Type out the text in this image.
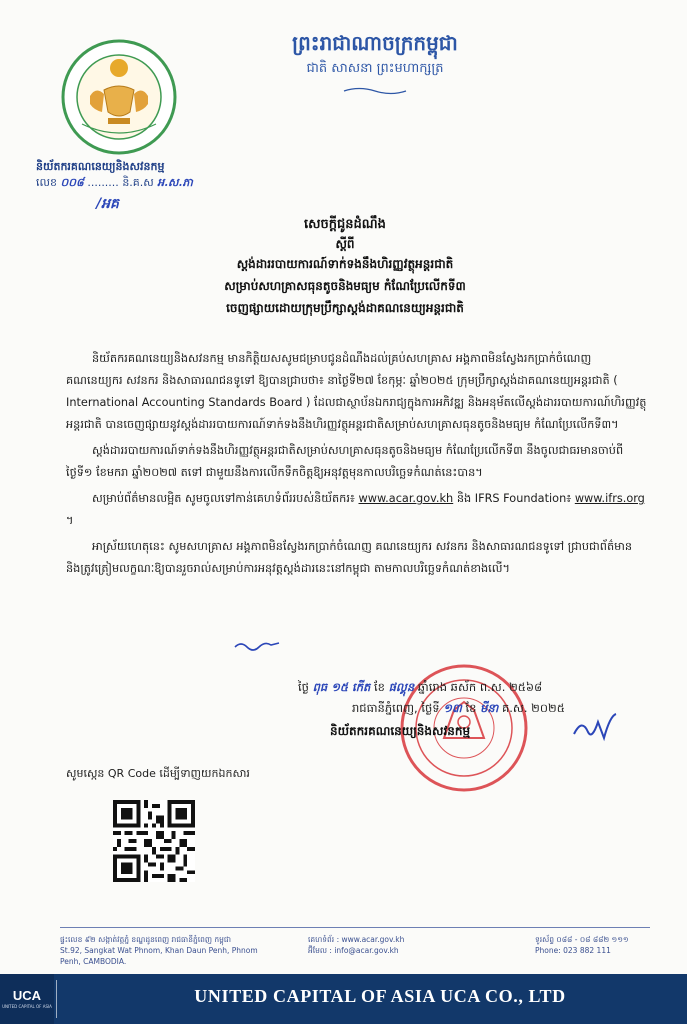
ព្រះរាជាណាចក្រកម្ពុជា
ជាតិ សាសនា ព្រះមហាក្សត្រ
និយ័តករគណនេយ្យនិងសវនកម្ម
លេខ ០០៨ ......... និ.គ.ស អ.ស.ភា
/អគ
សេចក្តីជូនដំណឹង
ស្តីពី
ស្តង់ដាររបាយការណ៍ទាក់ទងនឹងហិរញ្ញវត្ថុអន្តរជាតិ
សម្រាប់សហគ្រាសធុនតូចនិងមធ្យម កំណែប្រែលើកទី៣
ចេញផ្សាយដោយក្រុមប្រឹក្សាស្តង់ដាគណនេយ្យអន្តរជាតិ

និយ័តករគណនេយ្យនិងសវនកម្ម មានកិត្តិយសសូមជម្រាបជូនដំណឹងដល់គ្រប់សហគ្រាស អង្គភាពមិនស្វែងរកប្រាក់ចំណេញ គណនេយ្យករ សវនករ និងសាធារណជនទូទៅ ឱ្យបានជ្រាបថា៖ នាថ្ងៃទី២៧ ខែកុម្ភៈ ឆ្នាំ២០២៥ ក្រុមប្រឹក្សាស្តង់ដាគណនេយ្យអន្តរជាតិ ( International Accounting Standards Board ) ដែលជាស្ថាប័នឯករាជ្យក្នុងការអភិវឌ្ឍ និងអនុម័តលើស្តង់ដាររបាយការណ៍ហិរញ្ញវត្ថុអន្តរជាតិ បានចេញផ្សាយនូវស្តង់ដាររបាយការណ៍ទាក់ទងនឹងហិរញ្ញវត្ថុអន្តរជាតិសម្រាប់សហគ្រាសធុនតូចនិងមធ្យម កំណែប្រែលើកទី៣។

ស្តង់ដាររបាយការណ៍ទាក់ទងនឹងហិរញ្ញវត្ថុអន្តរជាតិសម្រាប់សហគ្រាសធុនតូចនិងមធ្យម កំណែប្រែលើកទី៣ នឹងចូលជាធរមានចាប់ពីថ្ងៃទី១ ខែមករា ឆ្នាំ២០២៧ តទៅ ជាមួយនឹងការលើកទឹកចិត្តឱ្យអនុវត្តមុនកាលបរិច្ឆេទកំណត់នេះបាន។

សម្រាប់ព័ត៌មានលម្អិត សូមចូលទៅកាន់គេហទំព័ររបស់និយ័តករ៖ www.acar.gov.kh និង IFRS Foundation៖ www.ifrs.org ។

អាស្រ័យហេតុនេះ សូមសហគ្រាស អង្គភាពមិនស្វែងរកប្រាក់ចំណេញ គណនេយ្យករ សវនករ និងសាធារណជនទូទៅ ជ្រាបជាព័ត៌មាន និងត្រូវត្រៀមលក្ខណៈឱ្យបានរួចរាល់សម្រាប់ការអនុវត្តស្តង់ដារនេះនៅកម្ពុជា តាមកាលបរិច្ឆេទកំណត់ខាងលើ។

ថ្ងៃ ពុធ ១៥ កើត ខែ ផល្គុន ឆ្នាំរោង ឆស័ក ព.ស. ២៥៦៨
រាជធានីភ្នំពេញ, ថ្ងៃទី ១៣ ខែ មីនា គ.ស. ២០២៥
និយ័តករគណនេយ្យនិងសវនកម្ម
សូមស្កេន QR Code ដើម្បីទាញយកឯកសារ
ផ្ទះលេខ ៩២ សង្កាត់វត្តភ្នំ ខណ្ឌដូនពេញ រាជធានីភ្នំពេញ កម្ពុជា
St.92, Sangkat Wat Phnom, Khan Daun Penh, Phnom Penh, CAMBODIA.
គេហទំព័រ : www.acar.gov.kh
អ៊ីមែល : info@acar.gov.kh
ទូរស័ព្ទ ០៨៨ - ០៨ ៨៨២ ១១១
Phone: 023 882 111
UCA
UNITED CAPITAL OF ASIA
UNITED CAPITAL OF ASIA UCA CO., LTD
